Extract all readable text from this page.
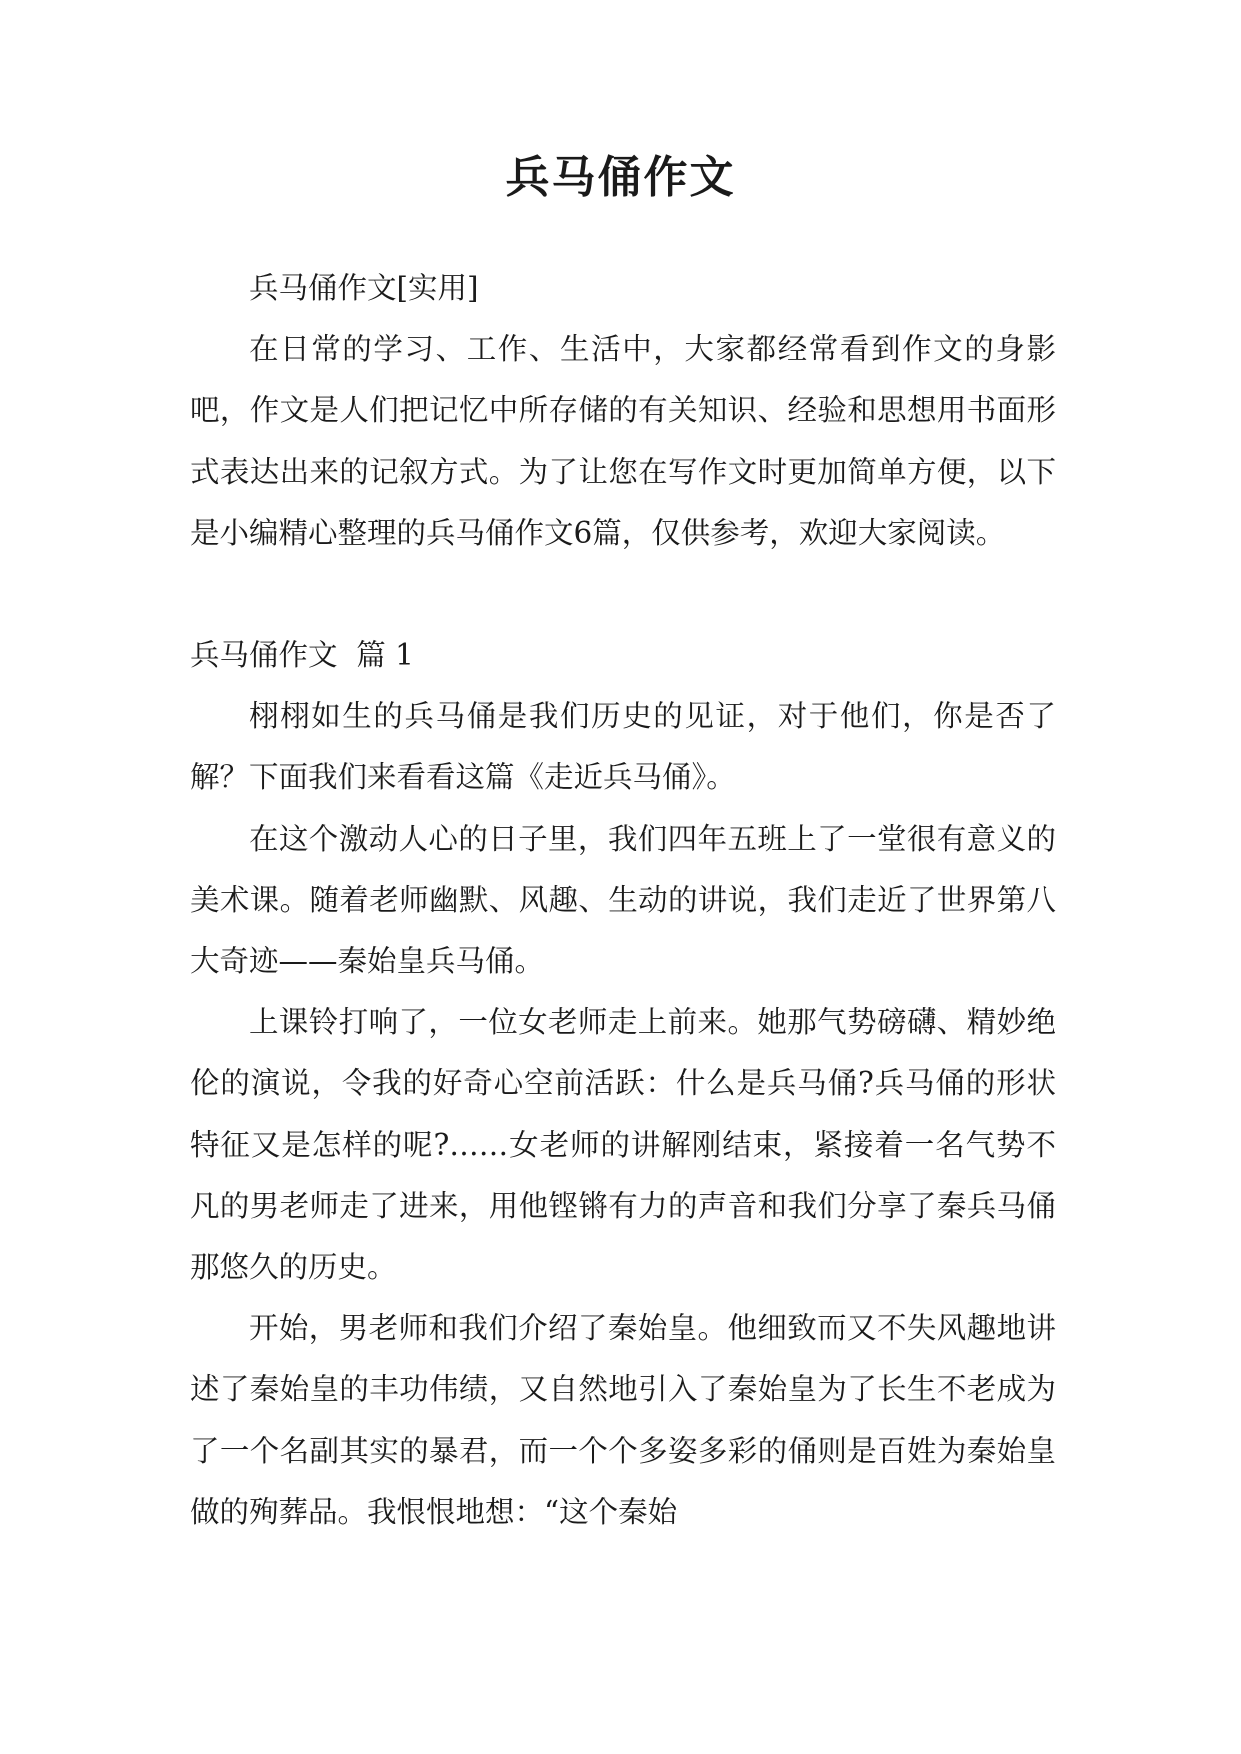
兵马俑作文

兵马俑作文[实用]

在日常的学习、工作、生活中，大家都经常看到作文的身影吧，作文是人们把记忆中所存储的有关知识、经验和思想用书面形式表达出来的记叙方式。为了让您在写作文时更加简单方便，以下是小编精心整理的兵马俑作文6篇，仅供参考，欢迎大家阅读。

兵马俑作文  篇 1

栩栩如生的兵马俑是我们历史的见证，对于他们，你是否了解？下面我们来看看这篇《走近兵马俑》。

在这个激动人心的日子里，我们四年五班上了一堂很有意义的美术课。随着老师幽默、风趣、生动的讲说，我们走近了世界第八大奇迹——秦始皇兵马俑。

上课铃打响了，一位女老师走上前来。她那气势磅礴、精妙绝伦的演说，令我的好奇心空前活跃：什么是兵马俑?兵马俑的形状特征又是怎样的呢?……女老师的讲解刚结束，紧接着一名气势不凡的男老师走了进来，用他铿锵有力的声音和我们分享了秦兵马俑那悠久的历史。

开始，男老师和我们介绍了秦始皇。他细致而又不失风趣地讲述了秦始皇的丰功伟绩，又自然地引入了秦始皇为了长生不老成为了一个名副其实的暴君，而一个个多姿多彩的俑则是百姓为秦始皇做的殉葬品。我恨恨地想：“这个秦始
